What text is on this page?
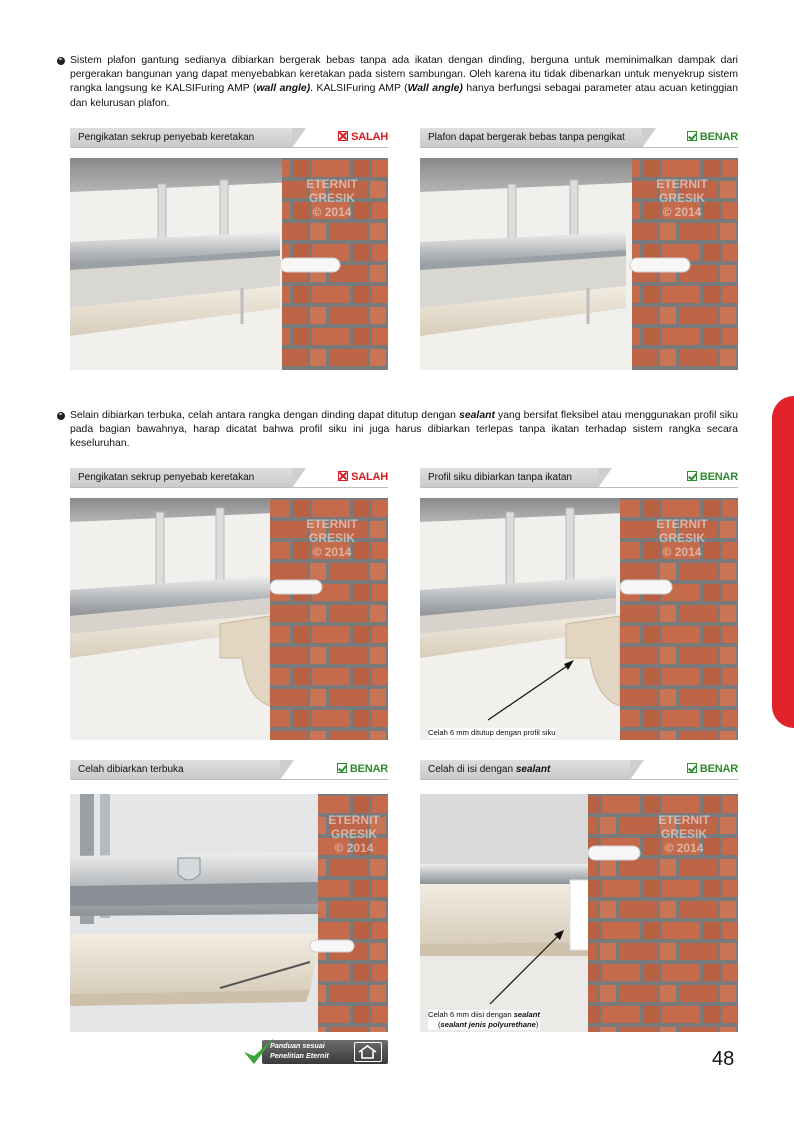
Sistem plafon gantung sedianya dibiarkan bergerak bebas tanpa ada ikatan dengan dinding, berguna untuk meminimalkan dampak dari pergerakan bangunan yang dapat menyebabkan keretakan pada sistem sambungan. Oleh karena itu tidak dibenarkan untuk menyekrup sistem rangka langsung ke KALSIFuring AMP (wall angle). KALSIFuring AMP (Wall angle) hanya berfungsi sebagai parameter atau acuan ketinggian dan kelurusan plafon.

Pengikatan sekrup penyebab keretakan	SALAH
ETERNIT
GRESIK
© 2014
Plafon dapat bergerak bebas tanpa pengikat	BENAR
ETERNIT
GRESIK
© 2014

Selain dibiarkan terbuka, celah antara rangka dengan dinding dapat ditutup dengan sealant yang bersifat fleksibel atau menggunakan profil siku pada bagian bawahnya, harap dicatat bahwa profil siku ini juga harus dibiarkan terlepas tanpa ikatan terhadap sistem rangka secara keseluruhan.

Pengikatan sekrup penyebab keretakan	SALAH
ETERNIT
GRESIK
© 2014
Profil siku dibiarkan tanpa ikatan	BENAR
ETERNIT
GRESIK
© 2014
Celah 6 mm ditutup dengan profil siku
Celah dibiarkan terbuka	BENAR
ETERNIT
GRESIK
© 2014
Celah di isi dengan sealant	BENAR
ETERNIT
GRESIK
© 2014
Celah 6 mm diisi dengan sealant
(sealant jenis polyurethane)
Panduan sesuai
Penelitian Eternit	48
